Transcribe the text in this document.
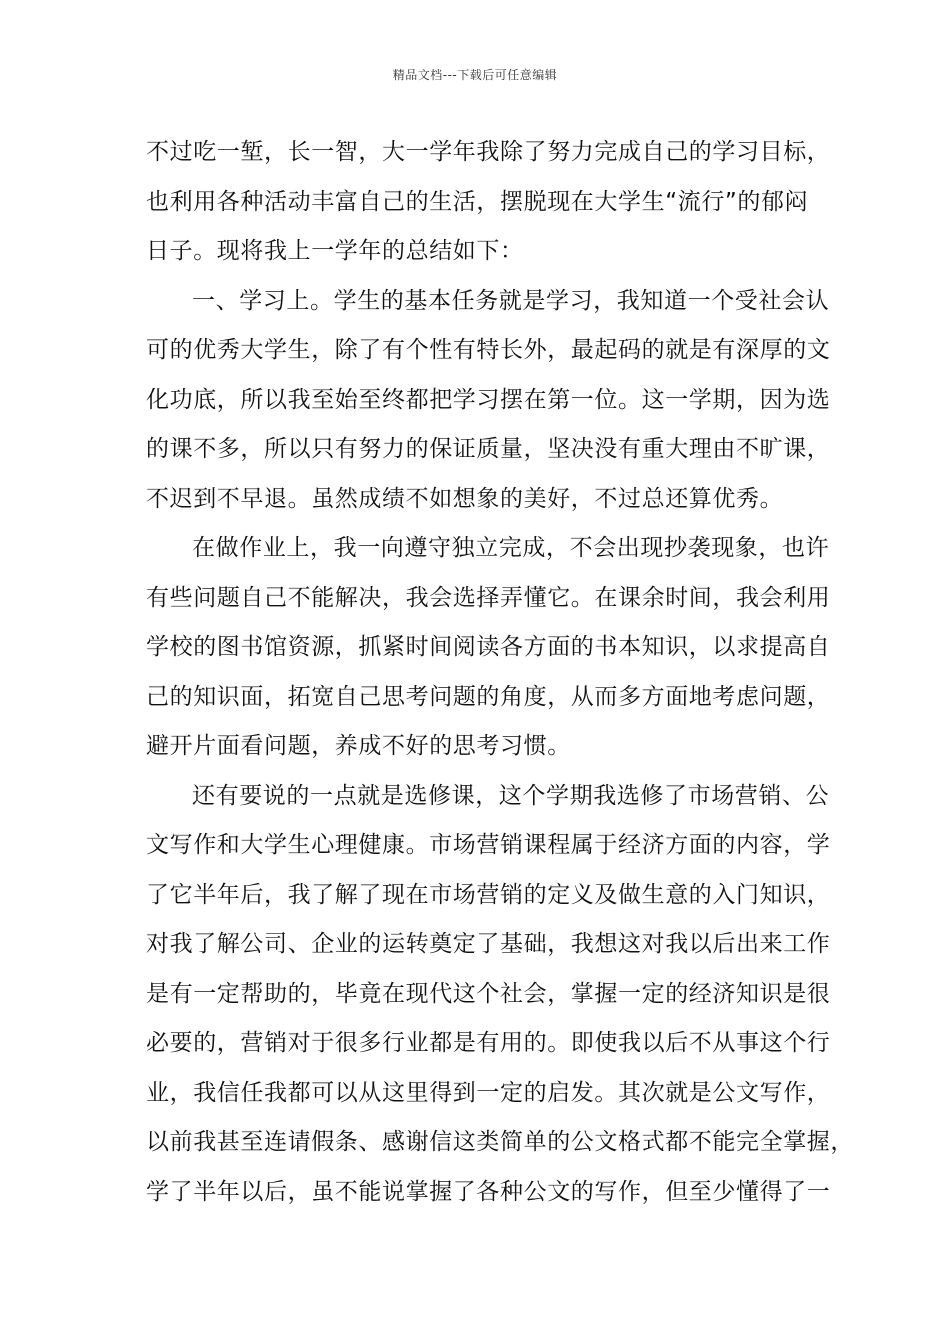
精品文档---下载后可任意编辑
不过吃一堑，长一智，大一学年我除了努力完成自己的学习目标，
也利用各种活动丰富自己的生活，摆脱现在大学生“流行”的郁闷
日子。现将我上一学年的总结如下：
一、学习上。学生的基本任务就是学习，我知道一个受社会认
可的优秀大学生，除了有个性有特长外，最起码的就是有深厚的文
化功底，所以我至始至终都把学习摆在第一位。这一学期，因为选
的课不多，所以只有努力的保证质量，坚决没有重大理由不旷课，
不迟到不早退。虽然成绩不如想象的美好，不过总还算优秀。
在做作业上，我一向遵守独立完成，不会出现抄袭现象，也许
有些问题自己不能解决，我会选择弄懂它。在课余时间，我会利用
学校的图书馆资源，抓紧时间阅读各方面的书本知识，以求提高自
己的知识面，拓宽自己思考问题的角度，从而多方面地考虑问题，
避开片面看问题，养成不好的思考习惯。
还有要说的一点就是选修课，这个学期我选修了市场营销、公
文写作和大学生心理健康。市场营销课程属于经济方面的内容，学
了它半年后，我了解了现在市场营销的定义及做生意的入门知识，
对我了解公司、企业的运转奠定了基础，我想这对我以后出来工作
是有一定帮助的，毕竟在现代这个社会，掌握一定的经济知识是很
必要的，营销对于很多行业都是有用的。即使我以后不从事这个行
业，我信任我都可以从这里得到一定的启发。其次就是公文写作，
以前我甚至连请假条、感谢信这类简单的公文格式都不能完全掌握，
学了半年以后，虽不能说掌握了各种公文的写作，但至少懂得了一
